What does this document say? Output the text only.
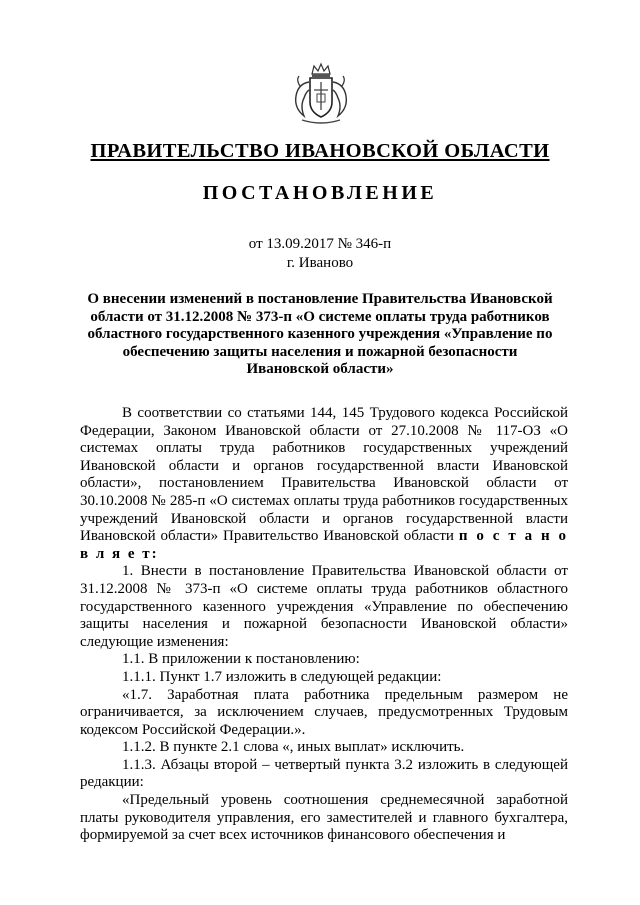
ПРАВИТЕЛЬСТВО ИВАНОВСКОЙ ОБЛАСТИ
ПОСТАНОВЛЕНИЕ
от 13.09.2017 № 346-п
г. Иваново
О внесении изменений в постановление Правительства Ивановской области от 31.12.2008 № 373-п «О системе оплаты труда работников областного государственного казенного учреждения «Управление по обеспечению защиты населения и пожарной безопасности Ивановской области»

В соответствии со статьями 144, 145 Трудового кодекса Российской Федерации, Законом Ивановской области от 27.10.2008 № 117-ОЗ «О системах оплаты труда работников государственных учреждений Ивановской области и органов государственной власти Ивановской области», постановлением Правительства Ивановской области от 30.10.2008 № 285-п «О системах оплаты труда работников государственных учреждений Ивановской области и органов государственной власти Ивановской области» Правительство Ивановской области п о с т а н о в л я е т:

1. Внести в постановление Правительства Ивановской области от 31.12.2008 № 373-п «О системе оплаты труда работников областного государственного казенного учреждения «Управление по обеспечению защиты населения и пожарной безопасности Ивановской области» следующие изменения:

1.1. В приложении к постановлению:

1.1.1. Пункт 1.7 изложить в следующей редакции:

«1.7. Заработная плата работника предельным размером не ограничивается, за исключением случаев, предусмотренных Трудовым кодексом Российской Федерации.».

1.1.2. В пункте 2.1 слова «, иных выплат» исключить.

1.1.3. Абзацы второй – четвертый пункта 3.2 изложить в следующей редакции:

«Предельный уровень соотношения среднемесячной заработной платы руководителя управления, его заместителей и главного бухгалтера, формируемой за счет всех источников финансового обеспечения и
